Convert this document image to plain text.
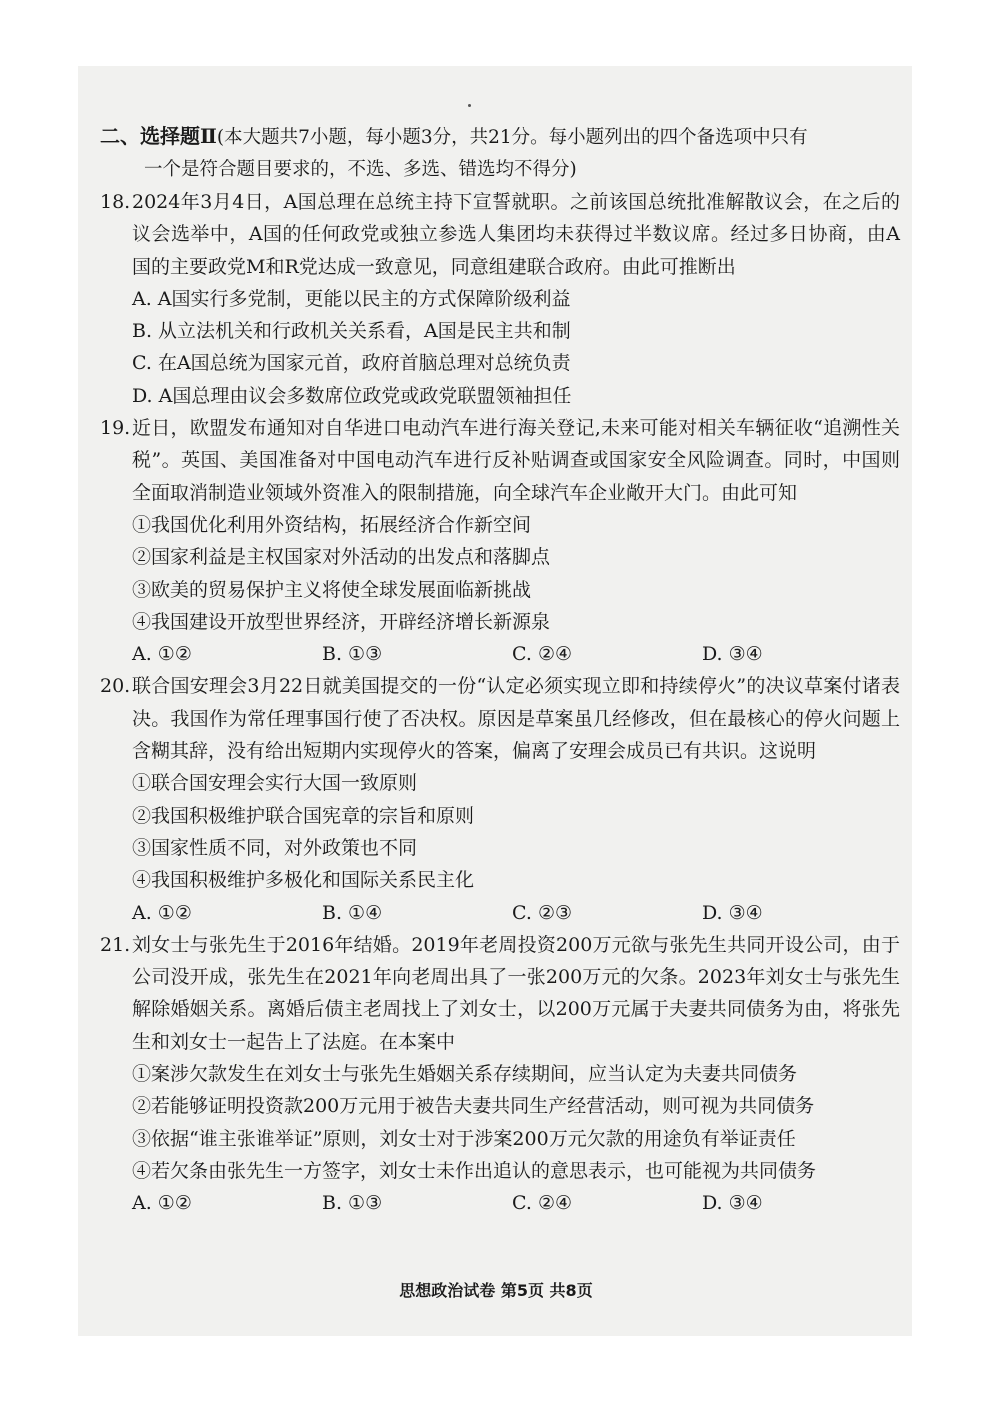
二、选择题Ⅱ(本大题共7小题，每小题3分，共21分。每小题列出的四个备选项中只有
一个是符合题目要求的，不选、多选、错选均不得分)

18. 2024年3月4日，A国总理在总统主持下宣誓就职。之前该国总统批准解散议会，在之后的议会选举中，A国的任何政党或独立参选人集团均未获得过半数议席。经过多日协商，由A国的主要政党M和R党达成一致意见，同意组建联合政府。由此可推断出

A. A国实行多党制，更能以民主的方式保障阶级利益

B. 从立法机关和行政机关关系看，A国是民主共和制

C. 在A国总统为国家元首，政府首脑总理对总统负责

D. A国总理由议会多数席位政党或政党联盟领袖担任

19. 近日，欧盟发布通知对自华进口电动汽车进行海关登记,未来可能对相关车辆征收“追溯性关税”。英国、美国准备对中国电动汽车进行反补贴调查或国家安全风险调查。同时，中国则全面取消制造业领域外资准入的限制措施，向全球汽车企业敞开大门。由此可知

①我国优化利用外资结构，拓展经济合作新空间

②国家利益是主权国家对外活动的出发点和落脚点

③欧美的贸易保护主义将使全球发展面临新挑战

④我国建设开放型世界经济，开辟经济增长新源泉

A. ①②	B. ①③	C. ②④	D. ③④
20. 联合国安理会3月22日就美国提交的一份“认定必须实现立即和持续停火”的决议草案付诸表决。我国作为常任理事国行使了否决权。原因是草案虽几经修改，但在最核心的停火问题上含糊其辞，没有给出短期内实现停火的答案，偏离了安理会成员已有共识。这说明

①联合国安理会实行大国一致原则

②我国积极维护联合国宪章的宗旨和原则

③国家性质不同，对外政策也不同

④我国积极维护多极化和国际关系民主化

A. ①②	B. ①④	C. ②③	D. ③④
21. 刘女士与张先生于2016年结婚。2019年老周投资200万元欲与张先生共同开设公司，由于公司没开成，张先生在2021年向老周出具了一张200万元的欠条。2023年刘女士与张先生解除婚姻关系。离婚后债主老周找上了刘女士，以200万元属于夫妻共同债务为由，将张先生和刘女士一起告上了法庭。在本案中

①案涉欠款发生在刘女士与张先生婚姻关系存续期间，应当认定为夫妻共同债务

②若能够证明投资款200万元用于被告夫妻共同生产经营活动，则可视为共同债务

③依据“谁主张谁举证”原则，刘女士对于涉案200万元欠款的用途负有举证责任

④若欠条由张先生一方签字，刘女士未作出追认的意思表示，也可能视为共同债务

A. ①②	B. ①③	C. ②④	D. ③④
思想政治试卷 第5页 共8页
